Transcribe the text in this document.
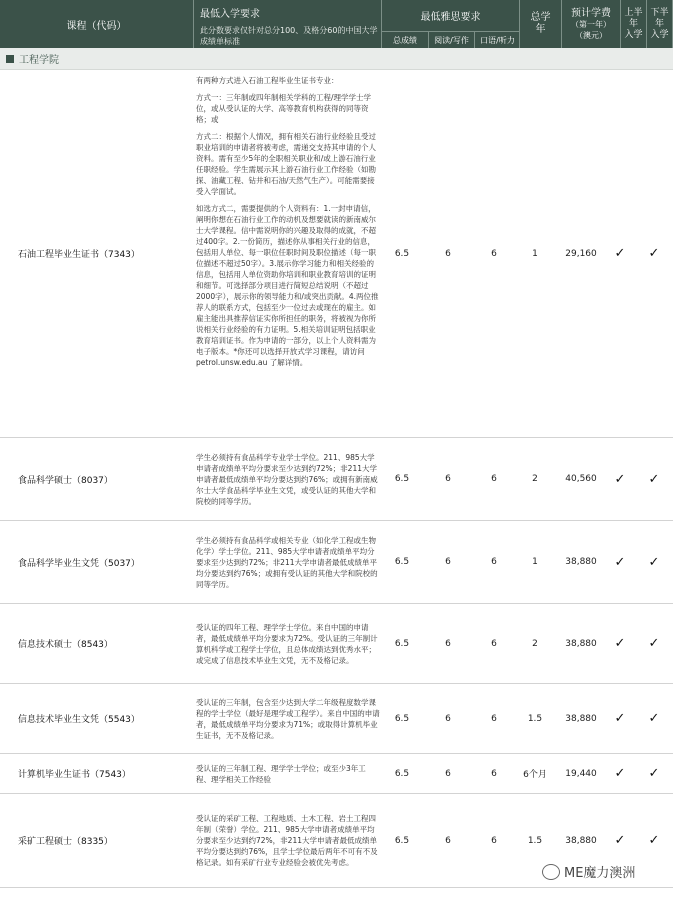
课程（代码）
最低入学要求
此分数要求仅针对总分100、及格分60的中国大学成绩单标准
最低雅思要求
总成绩	阅读/写作	口语/听力
总学
年
预计学费
（第一年）
（澳元）
上半
年
入学
下半
年
入学
工程学院
石油工程毕业生证书（7343）

有两种方式进入石油工程毕业生证书专业：

方式一：三年制或四年制相关学科的工程/理学学士学位，或从受认证的大学、高等教育机构获得的同等资格；或

方式二：根据个人情况，拥有相关石油行业经验且受过职业培训的申请者将被考虑，需递交支持其申请的个人资料。需有至少5年的全职相关职业和/或上游石油行业任职经验。学生需展示其上游石油行业工作经验（如勘探、油藏工程、钻井和石油/天然气生产）。可能需要接受入学面试。

如选方式二，需要提供的个人资料有：1.一封申请信，阐明你想在石油行业工作的动机及想要就读的新南威尔士大学课程。信中需说明你的兴趣及取得的成就，不超过400字。2.一份简历，描述你从事相关行业的信息，包括用人单位、每一职位任职时间及职位描述（每一职位描述不超过50字）。3.展示你学习能力和相关经验的信息，包括用人单位资助你培训和职业教育培训的证明和细节。可选择部分项目进行简短总结说明（不超过2000字），展示你的领导能力和/或突出贡献。4.两位推荐人的联系方式，包括至少一位过去或现在的雇主。如雇主能出具推荐信证实你所担任的职务，将被视为你所说相关行业经验的有力证明。5.相关培训证明包括职业教育培训证书。作为申请的一部分，以上个人资料需为电子版本。*你还可以选择开放式学习课程，请访问 petrol.unsw.edu.au 了解详情。

6.5	6	6	1	29,160	✓	✓
食品科学硕士（8037）

学生必须持有食品科学专业学士学位。211、985大学申请者成绩单平均分要求至少达到约72%；非211大学申请者最低成绩单平均分要达到约76%；或拥有新南威尔士大学食品科学毕业生文凭，或受认证的其他大学和院校的同等学历。

6.5	6	6	2	40,560	✓	✓
食品科学毕业生文凭（5037）

学生必须持有食品科学或相关专业（如化学工程或生物化学）学士学位。211、985大学申请者成绩单平均分要求至少达到约72%；非211大学申请者最低成绩单平均分要达到约76%；或拥有受认证的其他大学和院校的同等学历。

6.5	6	6	1	38,880	✓	✓
信息技术硕士（8543）

受认证的四年工程、理学学士学位。来自中国的申请者，最低成绩单平均分要求为72%。受认证的三年制计算机科学或工程学士学位，且总体成绩达到优秀水平；或完成了信息技术毕业生文凭，无不及格记录。

6.5	6	6	2	38,880	✓	✓
信息技术毕业生文凭（5543）

受认证的三年制，包含至少达到大学二年级程度数学课程的学士学位（最好是理学或工程学）。来自中国的申请者，最低成绩单平均分要求为71%；或取得计算机毕业生证书，无不及格记录。

6.5	6	6	1.5	38,880	✓	✓
计算机毕业生证书（7543）

受认证的三年制工程、理学学士学位；或至少3年工程、理学相关工作经验

6.5	6	6	6个月	19,440	✓	✓
采矿工程硕士（8335）

受认证的采矿工程、工程地质、土木工程、岩土工程四年制（荣誉）学位。211、985大学申请者成绩单平均分要求至少达到约72%，非211大学申请者最低成绩单平均分要达到约76%，且学士学位最后两年不可有不及格记录。如有采矿行业专业经验会被优先考虑。

6.5	6	6	1.5	38,880	✓	✓
ME魔力澳洲
